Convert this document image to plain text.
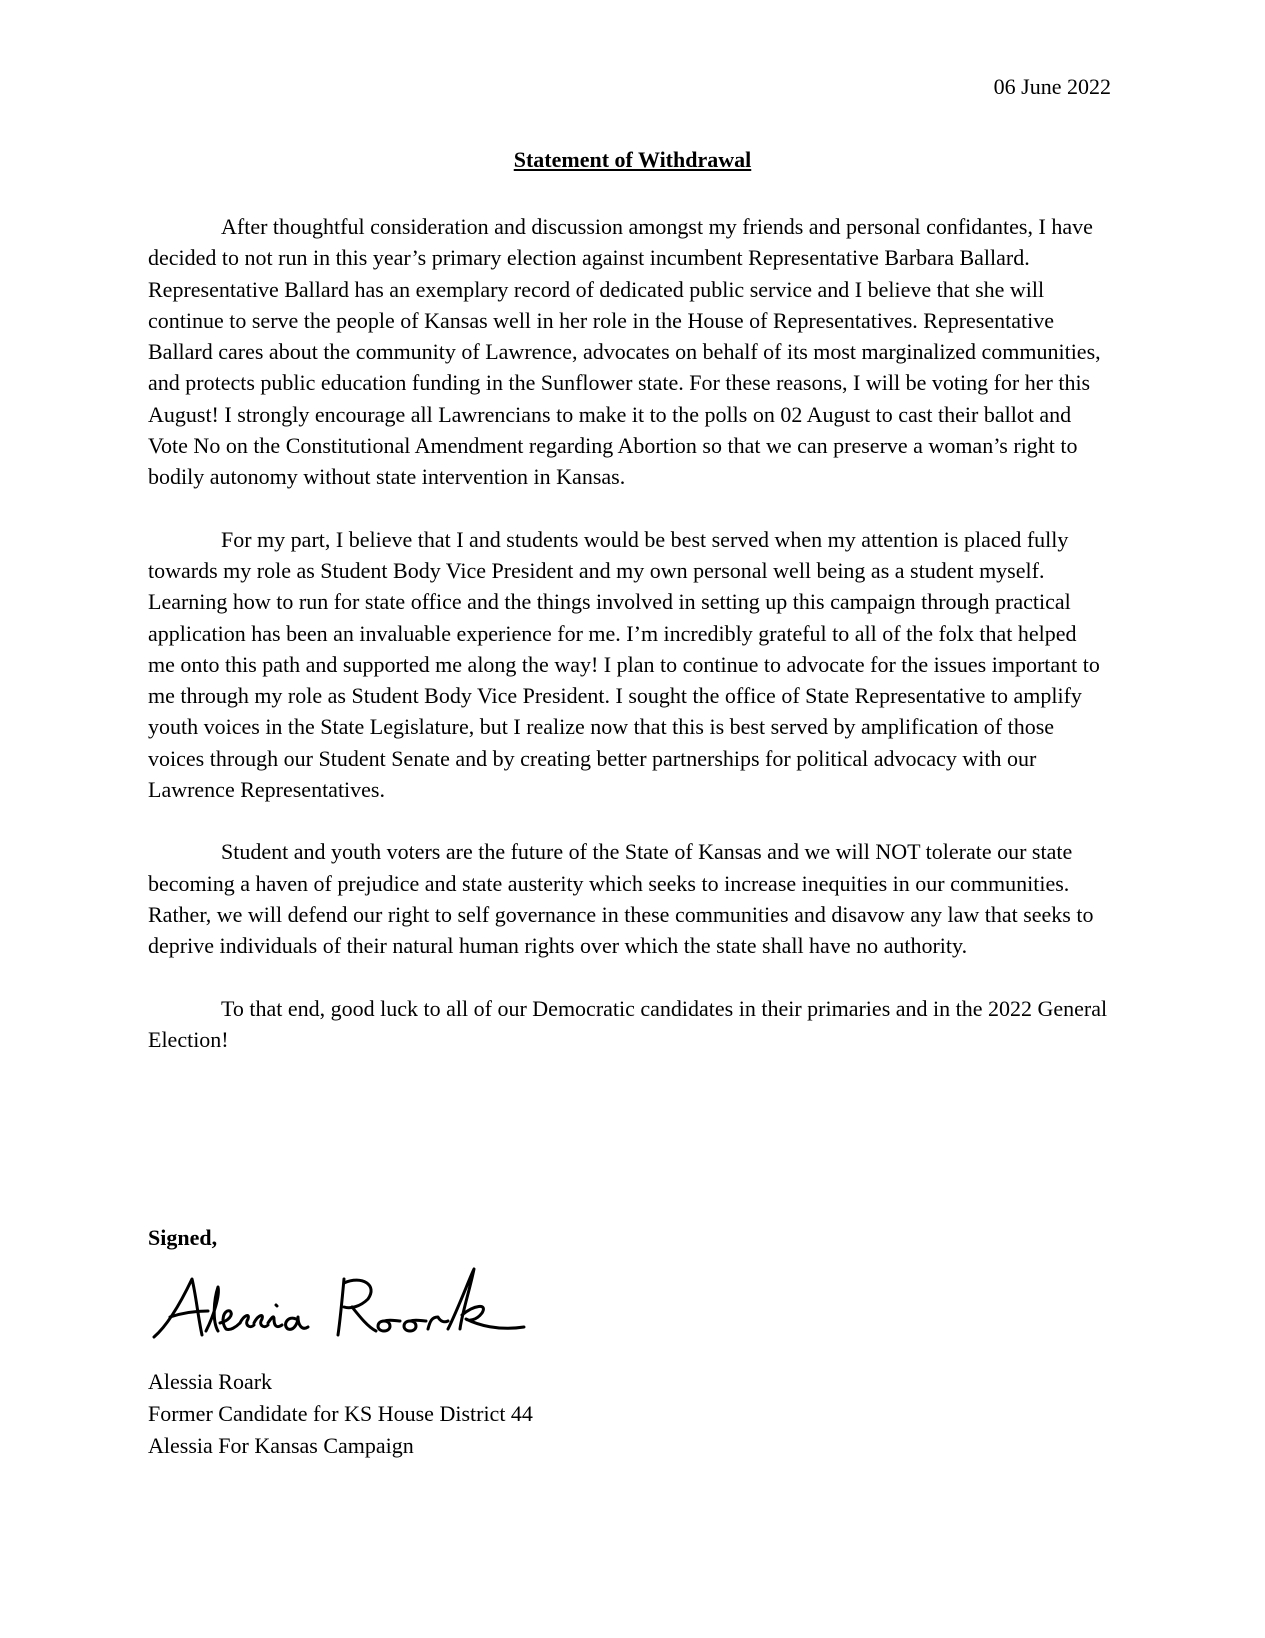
06 June 2022
Statement of Withdrawal

After thoughtful consideration and discussion amongst my friends and personal confidantes, I have decided to not run in this year’s primary election against incumbent Representative Barbara Ballard. Representative Ballard has an exemplary record of dedicated public service and I believe that she will continue to serve the people of Kansas well in her role in the House of Representatives. Representative Ballard cares about the community of Lawrence, advocates on behalf of its most marginalized communities, and protects public education funding in the Sunflower state. For these reasons, I will be voting for her this August! I strongly encourage all Lawrencians to make it to the polls on 02 August to cast their ballot and Vote No on the Constitutional Amendment regarding Abortion so that we can preserve a woman’s right to bodily autonomy without state intervention in Kansas.

For my part, I believe that I and students would be best served when my attention is placed fully towards my role as Student Body Vice President and my own personal well being as a student myself. Learning how to run for state office and the things involved in setting up this campaign through practical application has been an invaluable experience for me. I’m incredibly grateful to all of the folx that helped me onto this path and supported me along the way! I plan to continue to advocate for the issues important to me through my role as Student Body Vice President. I sought the office of State Representative to amplify youth voices in the State Legislature, but I realize now that this is best served by amplification of those voices through our Student Senate and by creating better partnerships for political advocacy with our Lawrence Representatives.

Student and youth voters are the future of the State of Kansas and we will NOT tolerate our state becoming a haven of prejudice and state austerity which seeks to increase inequities in our communities. Rather, we will defend our right to self governance in these communities and disavow any law that seeks to deprive individuals of their natural human rights over which the state shall have no authority.

To that end, good luck to all of our Democratic candidates in their primaries and in the 2022 General Election!

Signed,
Alessia Roark
Former Candidate for KS House District 44
Alessia For Kansas Campaign
